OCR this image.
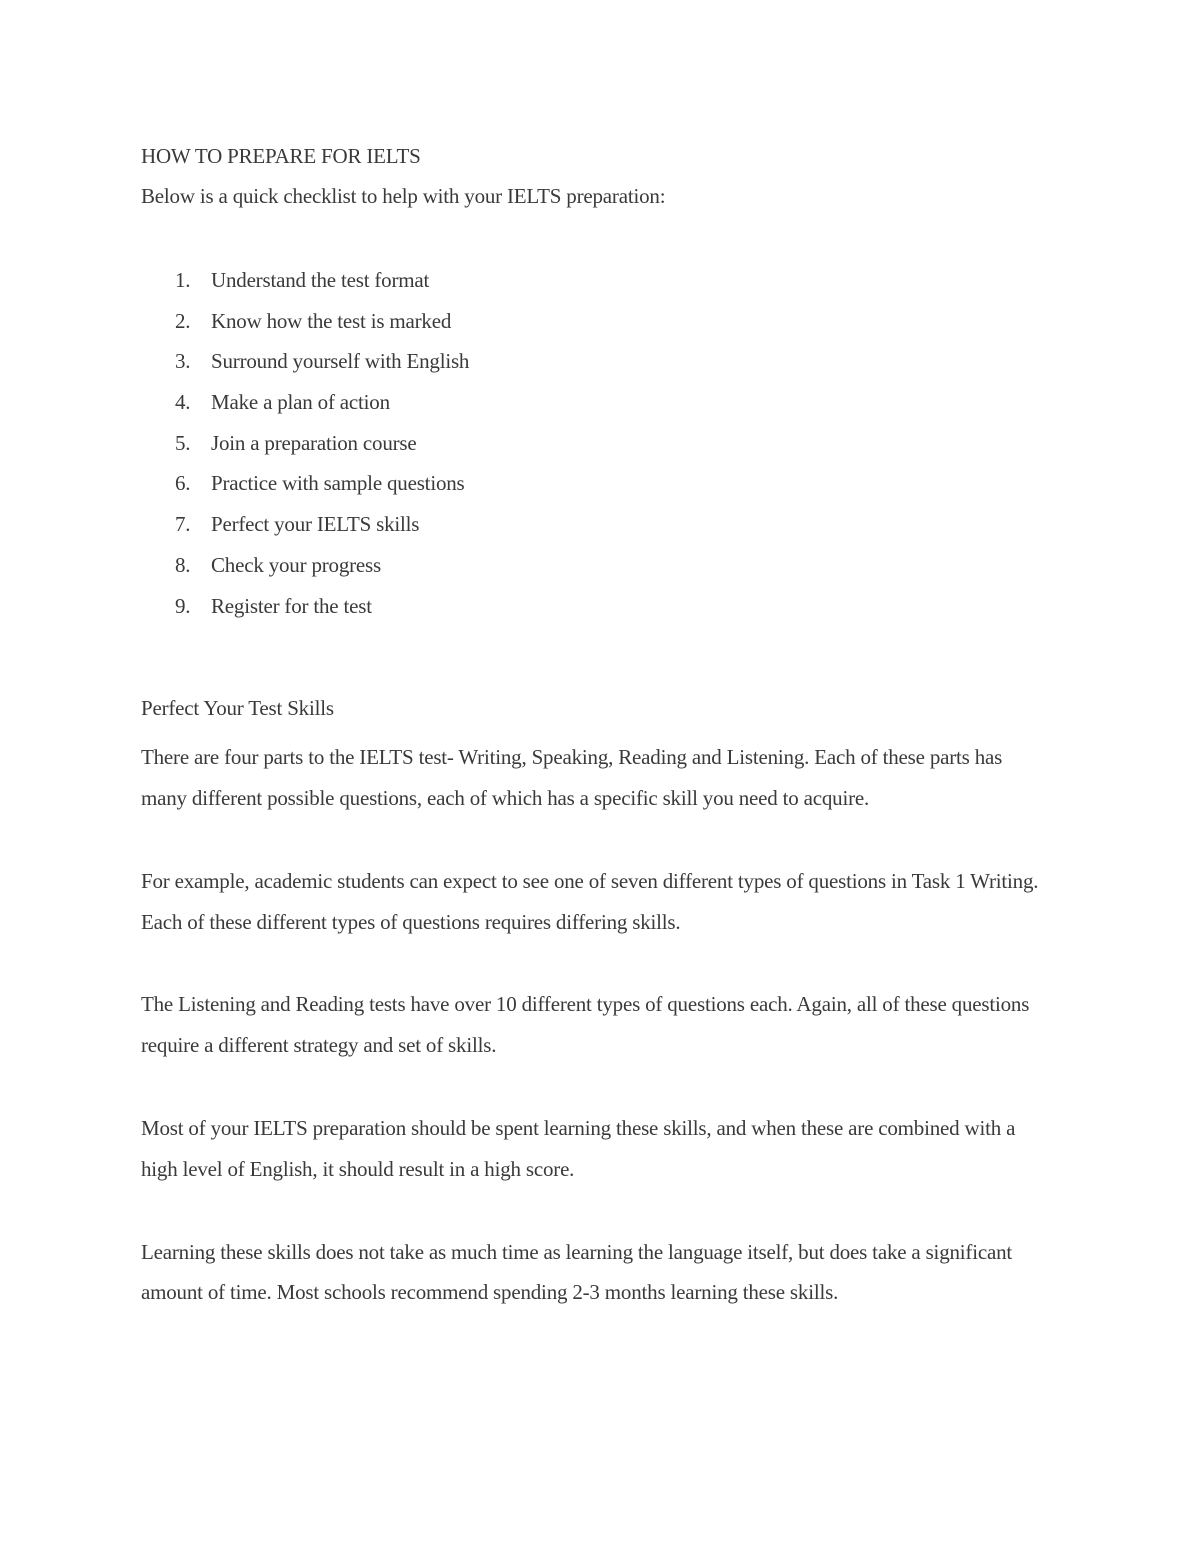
HOW TO PREPARE FOR IELTS

Below is a quick checklist to help with your IELTS preparation:

1. Understand the test format
2. Know how the test is marked
3. Surround yourself with English
4. Make a plan of action
5. Join a preparation course
6. Practice with sample questions
7. Perfect your IELTS skills
8. Check your progress
9. Register for the test
Perfect Your Test Skills

There are four parts to the IELTS test- Writing, Speaking, Reading and Listening. Each of these parts has many different possible questions, each of which has a specific skill you need to acquire.

For example, academic students can expect to see one of seven different types of questions in Task 1 Writing. Each of these different types of questions requires differing skills.

The Listening and Reading tests have over 10 different types of questions each. Again, all of these questions require a different strategy and set of skills.

Most of your IELTS preparation should be spent learning these skills, and when these are combined with a high level of English, it should result in a high score.

Learning these skills does not take as much time as learning the language itself, but does take a significant amount of time. Most schools recommend spending 2-3 months learning these skills.
